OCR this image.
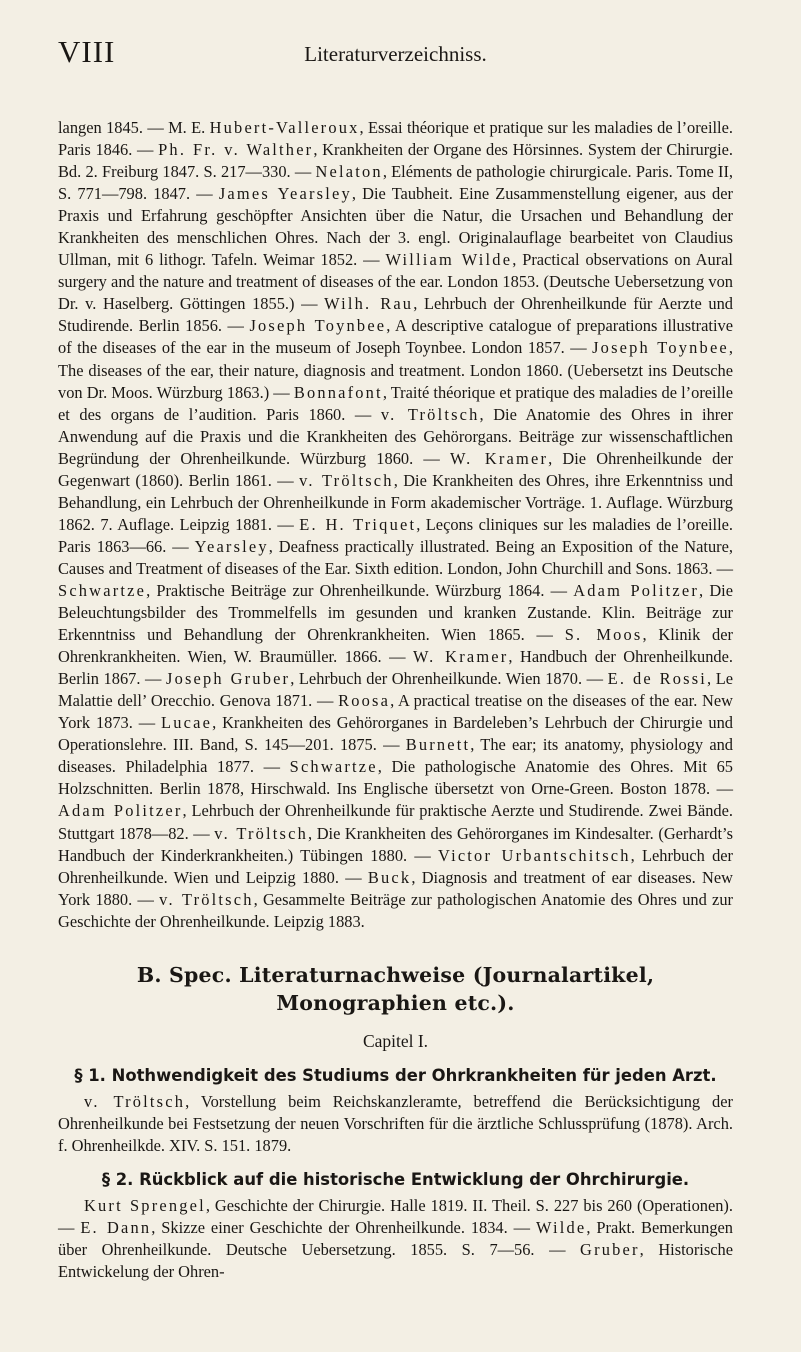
VIII	Literaturverzeichniss.

langen 1845. — M. E. Hubert-Valleroux, Essai théorique et pratique sur les maladies de l’oreille. Paris 1846. — Ph. Fr. v. Walther, Krankheiten der Organe des Hörsinnes. System der Chirurgie. Bd. 2. Freiburg 1847. S. 217—330. — Nelaton, Eléments de pathologie chirurgicale. Paris. Tome II, S. 771—798. 1847. — James Yearsley, Die Taubheit. Eine Zusammenstellung eigener, aus der Praxis und Erfahrung geschöpfter Ansichten über die Natur, die Ursachen und Behandlung der Krankheiten des menschlichen Ohres. Nach der 3. engl. Originalauflage bearbeitet von Claudius Ullman, mit 6 lithogr. Tafeln. Weimar 1852. — William Wilde, Practical observations on Aural surgery and the nature and treatment of diseases of the ear. London 1853. (Deutsche Uebersetzung von Dr. v. Haselberg. Göttingen 1855.) — Wilh. Rau, Lehrbuch der Ohrenheilkunde für Aerzte und Studirende. Berlin 1856. — Joseph Toynbee, A descriptive catalogue of preparations illustrative of the diseases of the ear in the museum of Joseph Toynbee. London 1857. — Joseph Toynbee, The diseases of the ear, their nature, diagnosis and treatment. London 1860. (Uebersetzt ins Deutsche von Dr. Moos. Würzburg 1863.) — Bonnafont, Traité théorique et pratique des maladies de l’oreille et des organs de l’audition. Paris 1860. — v. Tröltsch, Die Anatomie des Ohres in ihrer Anwendung auf die Praxis und die Krankheiten des Gehörorgans. Beiträge zur wissenschaftlichen Begründung der Ohrenheilkunde. Würzburg 1860. — W. Kramer, Die Ohrenheilkunde der Gegenwart (1860). Berlin 1861. — v. Tröltsch, Die Krankheiten des Ohres, ihre Erkenntniss und Behandlung, ein Lehrbuch der Ohrenheilkunde in Form akademischer Vorträge. 1. Auflage. Würzburg 1862. 7. Auflage. Leipzig 1881. — E. H. Triquet, Leçons cliniques sur les maladies de l’oreille. Paris 1863—66. — Yearsley, Deafness practically illustrated. Being an Exposition of the Nature, Causes and Treatment of diseases of the Ear. Sixth edition. London, John Churchill and Sons. 1863. — Schwartze, Praktische Beiträge zur Ohrenheilkunde. Würzburg 1864. — Adam Politzer, Die Beleuchtungsbilder des Trommelfells im gesunden und kranken Zustande. Klin. Beiträge zur Erkenntniss und Behandlung der Ohrenkrankheiten. Wien 1865. — S. Moos, Klinik der Ohrenkrankheiten. Wien, W. Braumüller. 1866. — W. Kramer, Handbuch der Ohrenheilkunde. Berlin 1867. — Joseph Gruber, Lehrbuch der Ohrenheilkunde. Wien 1870. — E. de Rossi, Le Malattie dell’ Orecchio. Genova 1871. — Roosa, A practical treatise on the diseases of the ear. New York 1873. — Lucae, Krankheiten des Gehörorganes in Bardeleben’s Lehrbuch der Chirurgie und Operationslehre. III. Band, S. 145—201. 1875. — Burnett, The ear; its anatomy, physiology and diseases. Philadelphia 1877. — Schwartze, Die pathologische Anatomie des Ohres. Mit 65 Holzschnitten. Berlin 1878, Hirschwald. Ins Englische übersetzt von Orne-Green. Boston 1878. — Adam Politzer, Lehrbuch der Ohrenheilkunde für praktische Aerzte und Studirende. Zwei Bände. Stuttgart 1878—82. — v. Tröltsch, Die Krankheiten des Gehörorganes im Kindesalter. (Gerhardt’s Handbuch der Kinderkrankheiten.) Tübingen 1880. — Victor Urbantschitsch, Lehrbuch der Ohrenheilkunde. Wien und Leipzig 1880. — Buck, Diagnosis and treatment of ear diseases. New York 1880. — v. Tröltsch, Gesammelte Beiträge zur pathologischen Anatomie des Ohres und zur Geschichte der Ohrenheilkunde. Leipzig 1883.

B. Spec. Literaturnachweise (Journalartikel, Monographien etc.).
Capitel I.
§ 1. Nothwendigkeit des Studiums der Ohrkrankheiten für jeden Arzt.

v. Tröltsch, Vorstellung beim Reichskanzleramte, betreffend die Berücksichtigung der Ohrenheilkunde bei Festsetzung der neuen Vorschriften für die ärztliche Schlussprüfung (1878). Arch. f. Ohrenheilkde. XIV. S. 151. 1879.

§ 2. Rückblick auf die historische Entwicklung der Ohrchirurgie.

Kurt Sprengel, Geschichte der Chirurgie. Halle 1819. II. Theil. S. 227 bis 260 (Operationen). — E. Dann, Skizze einer Geschichte der Ohrenheilkunde. 1834. — Wilde, Prakt. Bemerkungen über Ohrenheilkunde. Deutsche Uebersetzung. 1855. S. 7—56. — Gruber, Historische Entwickelung der Ohren-
